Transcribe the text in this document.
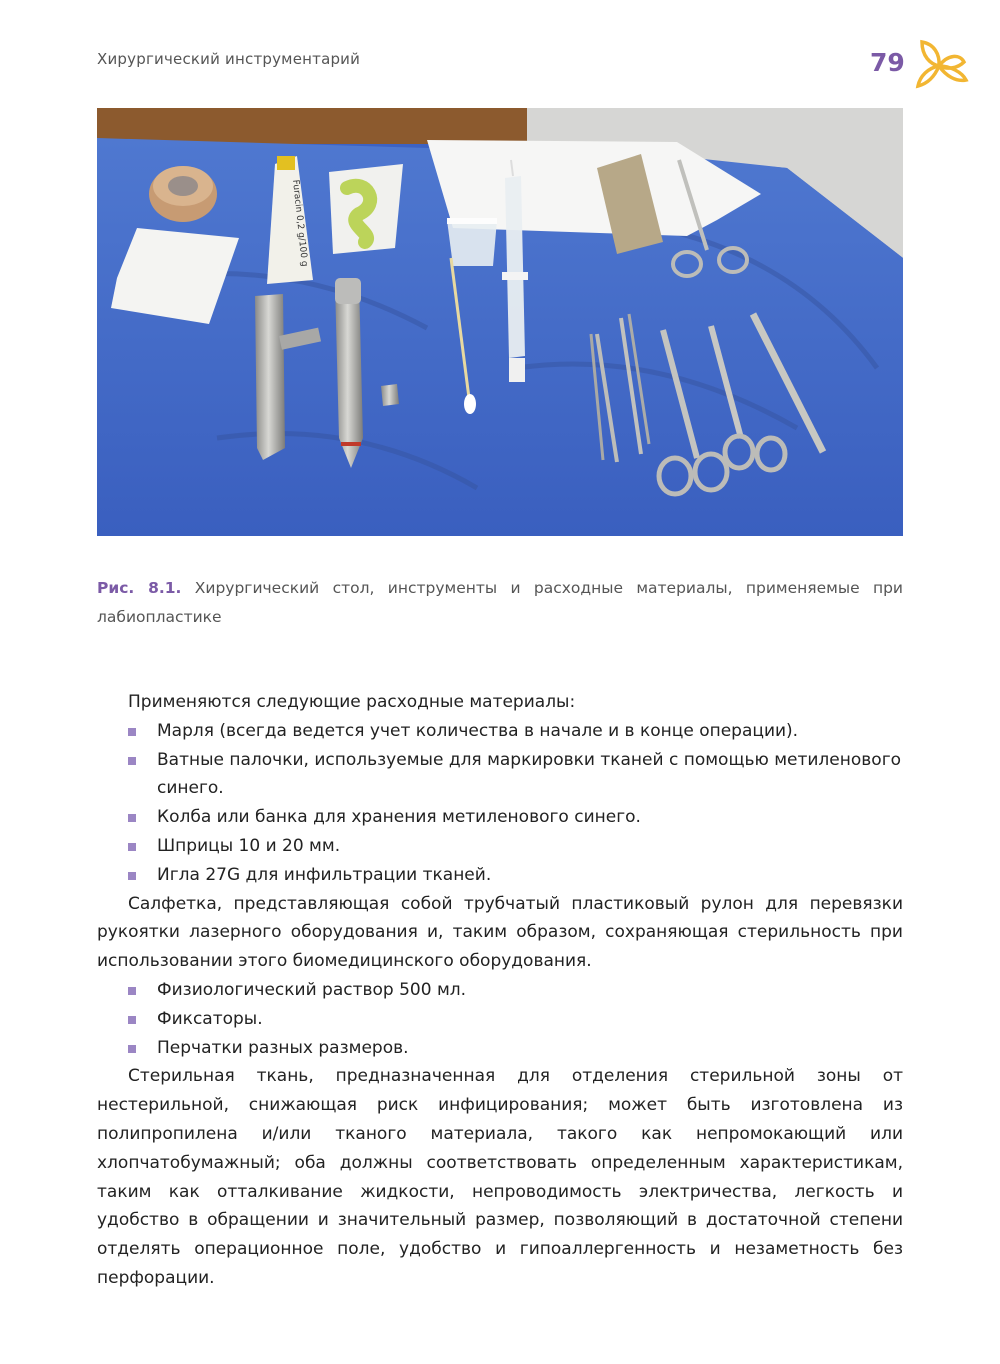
Хирургический инструментарий	79
Furacin 0,2 g/100 g
Рис. 8.1. Хирургический стол, инструменты и расходные материалы, применяемые при лабиопластике

Применяются следующие расходные материалы:

Марля (всегда ведется учет количества в начале и в конце операции).
Ватные палочки, используемые для маркировки тканей с помощью метиленового синего.
Колба или банка для хранения метиленового синего.
Шприцы 10 и 20 мм.
Игла 27G для инфильтрации тканей.

Салфетка, представляющая собой трубчатый пластиковый рулон для перевязки рукоятки лазерного оборудования и, таким образом, сохраняющая стерильность при использовании этого биомедицинского оборудования.

Физиологический раствор 500 мл.
Фиксаторы.
Перчатки разных размеров.

Стерильная ткань, предназначенная для отделения стерильной зоны от нестерильной, снижающая риск инфицирования; может быть изготовлена из полипропилена и/или тканого материала, такого как непромокающий или хлопчатобумажный; оба должны соответствовать определенным характеристикам, таким как отталкивание жидкости, непроводимость электричества, легкость и удобство в обращении и значительный размер, позволяющий в достаточной степени отделять операционное поле, удобство и гипоаллергенность и незаметность без перфорации.
